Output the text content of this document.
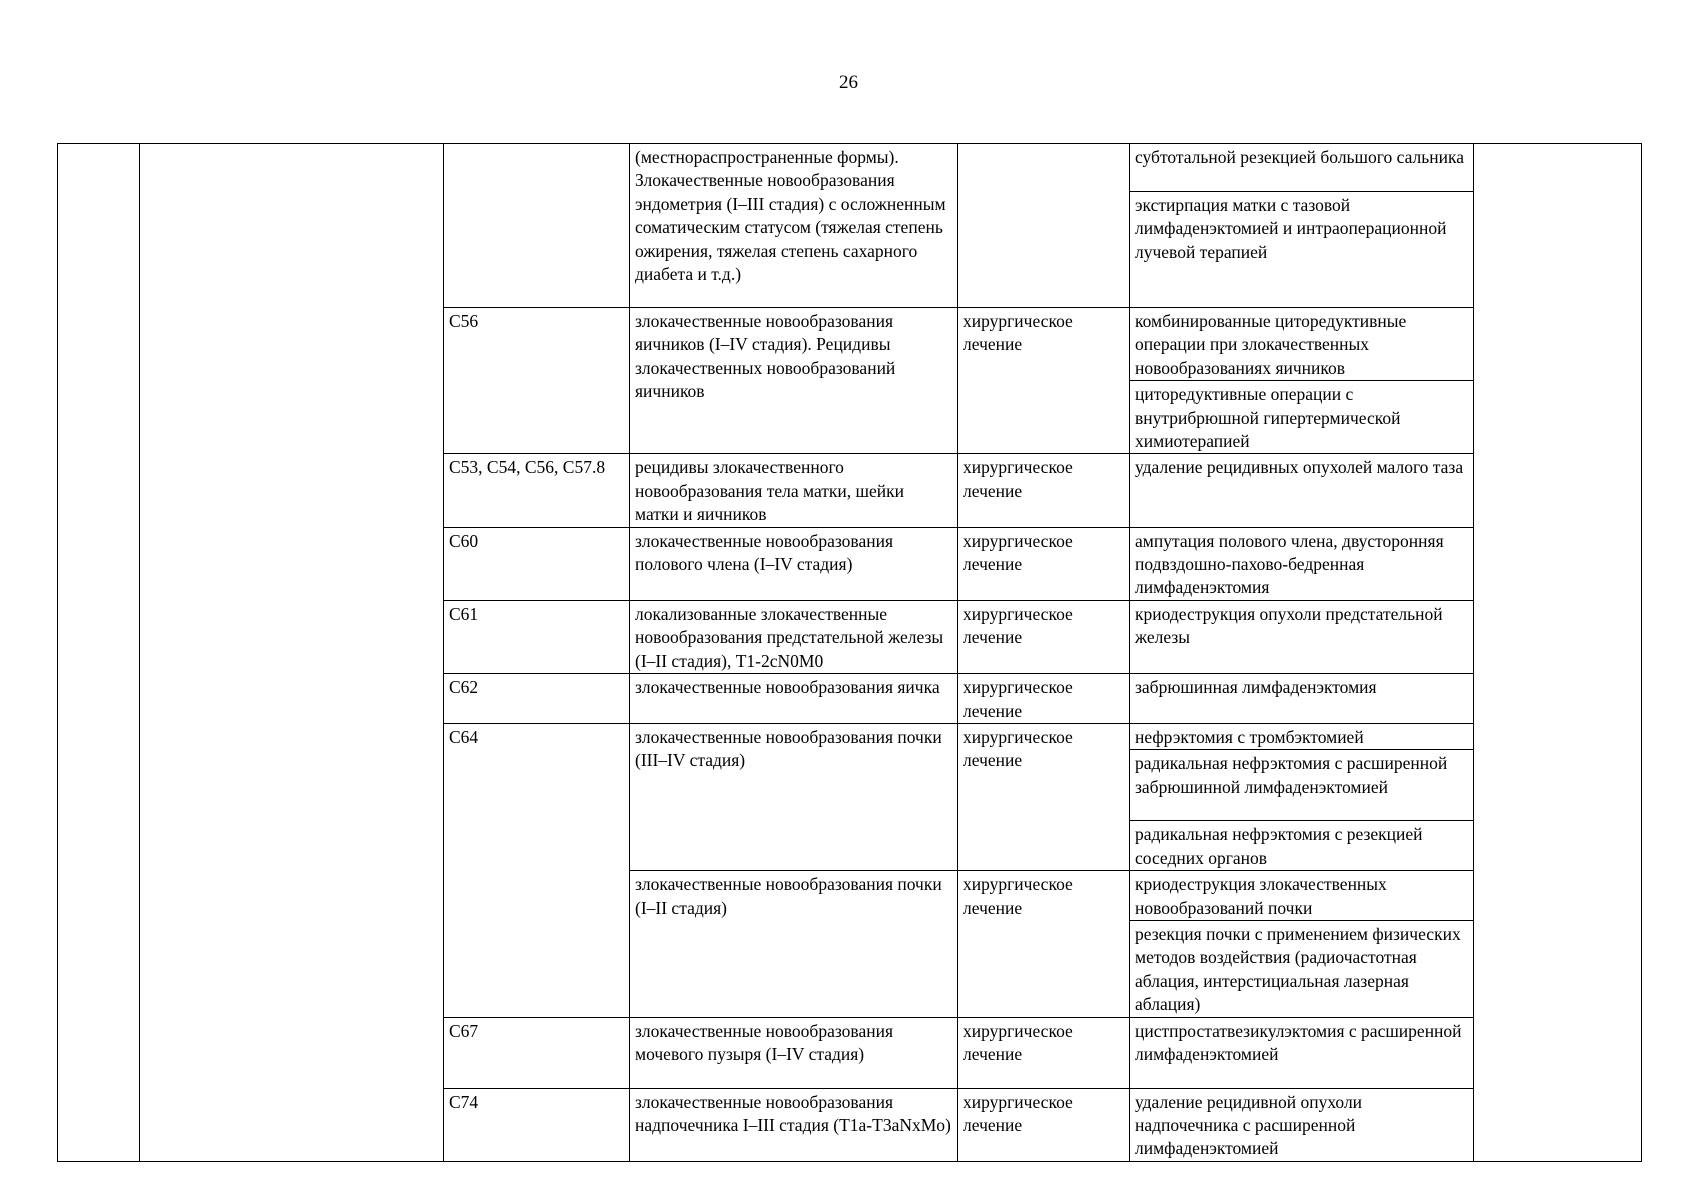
26
			(местнораспространенные формы). Злокачественные новообразования эндометрия (I–III стадия) с осложненным соматическим статусом (тяжелая степень ожирения, тяжелая степень сахарного диабета и т.д.)		субтотальной резекцией большого сальника	
					экстирпация матки с тазовой лимфаденэктомией и интраоперационной лучевой терапией	
		C56	злокачественные новообразования яичников (I–IV стадия). Рецидивы злокачественных новообразований яичников	хирургическое лечение	комбинированные циторедуктивные операции при злокачественных новообразованиях яичников	
					циторедуктивные операции с внутрибрюшной гипертермической химиотерапией	
		C53, C54, C56, C57.8	рецидивы злокачественного новообразования тела матки, шейки матки и яичников	хирургическое лечение	удаление рецидивных опухолей малого таза	
		C60	злокачественные новообразования полового члена (I–IV стадия)	хирургическое лечение	ампутация полового члена, двусторонняя подвздошно-пахово-бедренная лимфаденэктомия	
		C61	локализованные злокачественные новообразования предстательной железы (I–II стадия), T1-2cN0M0	хирургическое лечение	криодеструкция опухоли предстательной железы	
		C62	злокачественные новообразования яичка	хирургическое лечение	забрюшинная лимфаденэктомия	
		C64	злокачественные новообразования почки (III–IV стадия)	хирургическое лечение	нефрэктомия с тромбэктомией	
					радикальная нефрэктомия с расширенной забрюшинной лимфаденэктомией	
					радикальная нефрэктомия с резекцией соседних органов	
			злокачественные новообразования почки (I–II стадия)	хирургическое лечение	криодеструкция злокачественных новообразований почки	
					резекция почки с применением физических методов воздействия (радиочастотная аблация, интерстициальная лазерная аблация)	
		C67	злокачественные новообразования мочевого пузыря (I–IV стадия)	хирургическое лечение	цистпростатвезикулэктомия с расширенной лимфаденэктомией	
		C74	злокачественные новообразования надпочечника I–III стадия (T1a-T3aNxMo)	хирургическое лечение	удаление рецидивной опухоли надпочечника с расширенной лимфаденэктомией	
